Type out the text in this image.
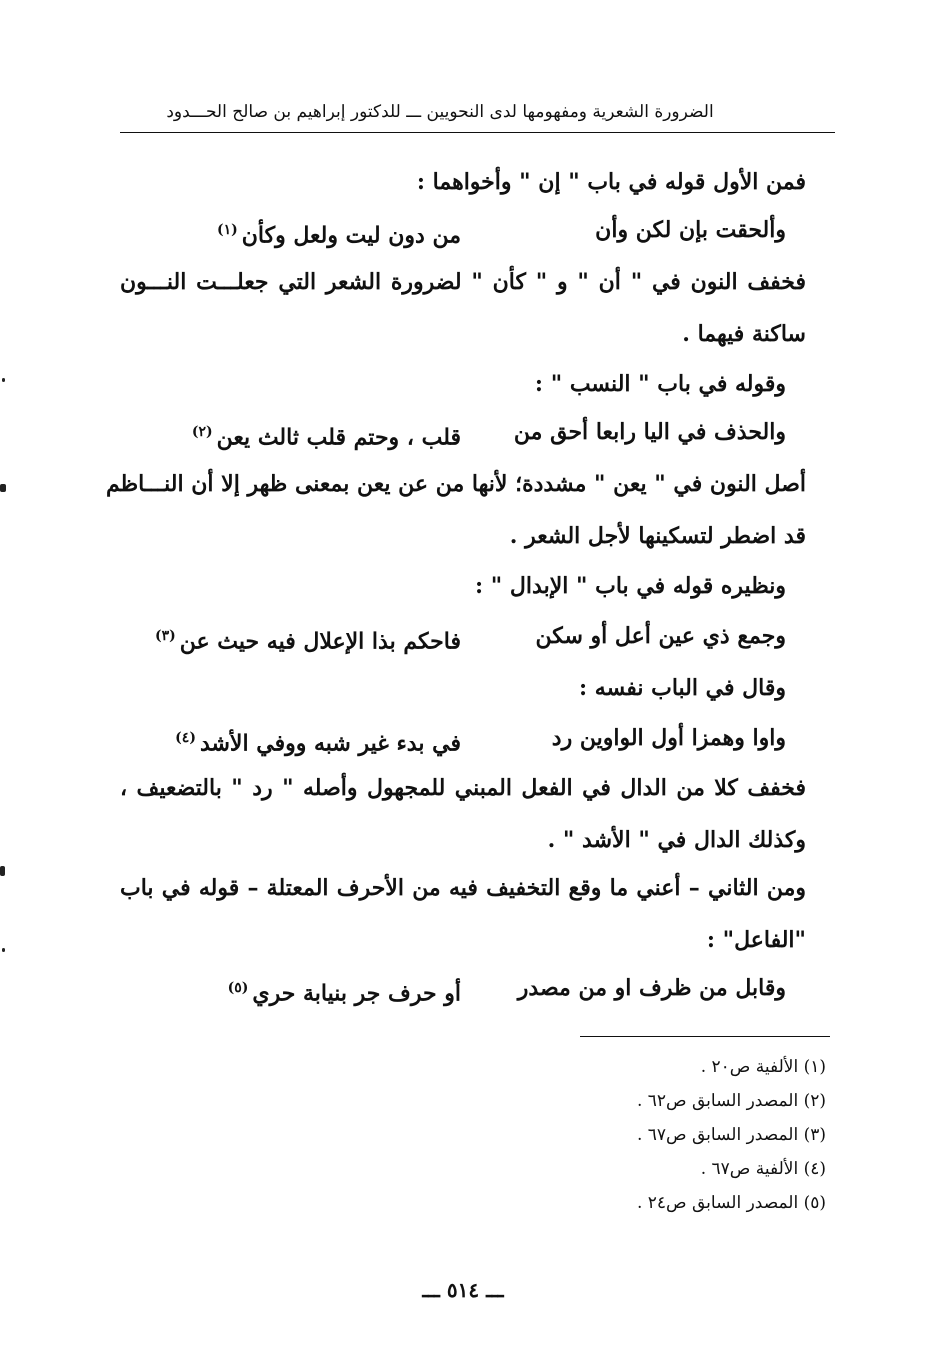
الضرورة الشعرية ومفهومها لدى النحويين ـــ للدكتور إبراهيم بن صالح الحـــدود
فمن الأول قوله في باب " إن " وأخواهما :
وألحقت بإن لكن وأن
من دون ليت ولعل وكأن$^{(١)}$
فخفف النون في " أن " و " كأن " لضرورة الشعر التي جعلـــت النـــون
ساكنة فيهما .
وقوله في باب " النسب " :
والحذف في اليا رابعا أحق من
قلب ، وحتم قلب ثالث يعن$^{(٢)}$
أصل النون في " يعن " مشددة؛ لأنها من عن يعن بمعنى ظهر إلا أن النـــاظم
قد اضطر لتسكينها لأجل الشعر .
ونظيره قوله في باب " الإبدال " :
وجمع ذي عين أعل أو سكن
فاحكم بذا الإعلال فيه حيث عن$^{(٣)}$
وقال في الباب نفسه :
واوا وهمزا أول الواوين رد
في بدء غير شبه ووفي الأشد$^{(٤)}$
فخفف كلا من الدال في الفعل المبني للمجهول وأصله " رد " بالتضعيف ،
وكذلك الدال في " الأشد " .
ومن الثاني – أعني ما وقع التخفيف فيه من الأحرف المعتلة – قوله في باب
"الفاعل" :
وقابل من ظرف او من مصدر
أو حرف جر بنيابة حري$^{(٥)}$
(١) الألفية ص٢٠ .
(٢) المصدر السابق ص٦٢ .
(٣) المصدر السابق ص٦٧ .
(٤) الألفية ص٦٧ .
(٥) المصدر السابق ص٢٤ .
ـــ ٥١٤ ـــ
